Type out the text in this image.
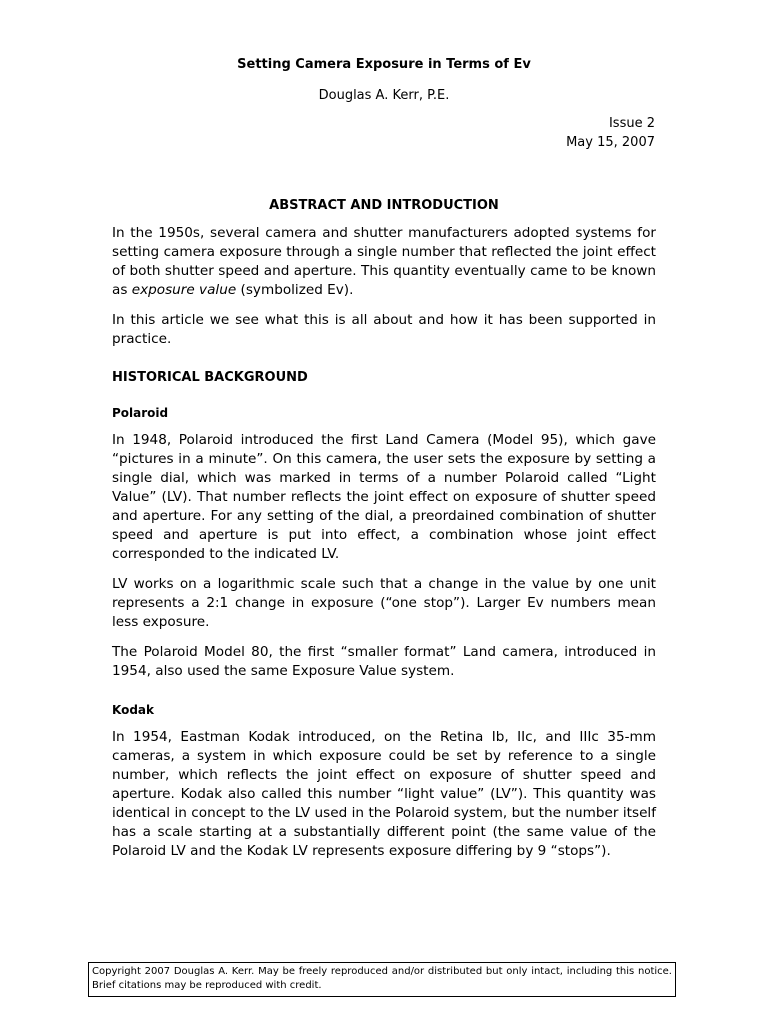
Setting Camera Exposure in Terms of Ev

Douglas A. Kerr, P.E.

Issue 2
May 15, 2007

ABSTRACT AND INTRODUCTION

In the 1950s, several camera and shutter manufacturers adopted systems for setting camera exposure through a single number that reflected the joint effect of both shutter speed and aperture. This quantity eventually came to be known as exposure value (symbolized Ev).

In this article we see what this is all about and how it has been supported in practice.

HISTORICAL BACKGROUND

Polaroid

In 1948, Polaroid introduced the first Land Camera (Model 95), which gave “pictures in a minute”. On this camera, the user sets the exposure by setting a single dial, which was marked in terms of a number Polaroid called “Light Value” (LV). That number reflects the joint effect on exposure of shutter speed and aperture. For any setting of the dial, a preordained combination of shutter speed and aperture is put into effect, a combination whose joint effect corresponded to the indicated LV.

LV works on a logarithmic scale such that a change in the value by one unit represents a 2:1 change in exposure (“one stop”). Larger Ev numbers mean less exposure.

The Polaroid Model 80, the first “smaller format” Land camera, introduced in 1954, also used the same Exposure Value system.

Kodak

In 1954, Eastman Kodak introduced, on the Retina Ib, IIc, and IIIc 35-mm cameras, a system in which exposure could be set by reference to a single number, which reflects the joint effect on exposure of shutter speed and aperture. Kodak also called this number “light value” (LV”). This quantity was identical in concept to the LV used in the Polaroid system, but the number itself has a scale starting at a substantially different point (the same value of the Polaroid LV and the Kodak LV represents exposure differing by 9 “stops”).

Copyright 2007 Douglas A. Kerr. May be freely reproduced and/or distributed but only intact, including this notice. Brief citations may be reproduced with credit.
